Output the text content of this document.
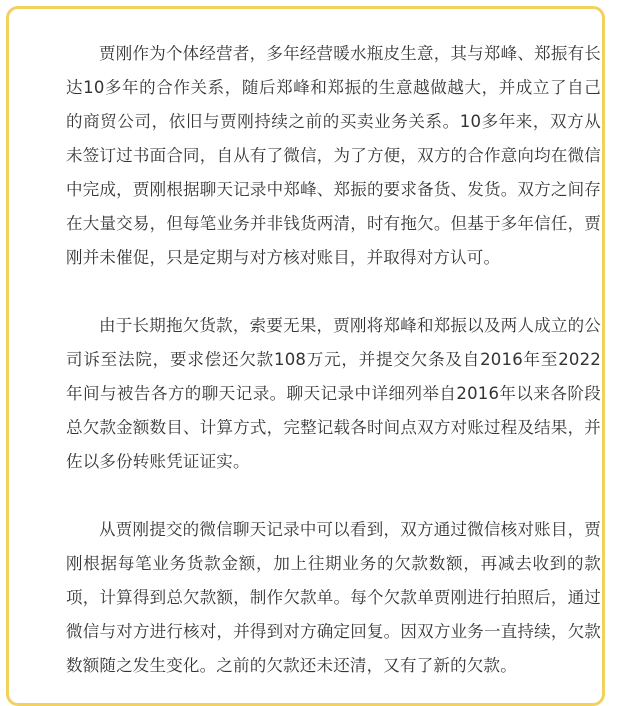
贾刚作为个体经营者，多年经营暖水瓶皮生意，其与郑峰、郑振有长达10多年的合作关系，随后郑峰和郑振的生意越做越大，并成立了自己的商贸公司，依旧与贾刚持续之前的买卖业务关系。10多年来，双方从未签订过书面合同，自从有了微信，为了方便，双方的合作意向均在微信中完成，贾刚根据聊天记录中郑峰、郑振的要求备货、发货。双方之间存在大量交易，但每笔业务并非钱货两清，时有拖欠。但基于多年信任，贾刚并未催促，只是定期与对方核对账目，并取得对方认可。

由于长期拖欠货款，索要无果，贾刚将郑峰和郑振以及两人成立的公司诉至法院，要求偿还欠款108万元，并提交欠条及自2016年至2022年间与被告各方的聊天记录。聊天记录中详细列举自2016年以来各阶段总欠款金额数目、计算方式，完整记载各时间点双方对账过程及结果，并佐以多份转账凭证证实。

从贾刚提交的微信聊天记录中可以看到，双方通过微信核对账目，贾刚根据每笔业务货款金额，加上往期业务的欠款数额，再减去收到的款项，计算得到总欠款额，制作欠款单。每个欠款单贾刚进行拍照后，通过微信与对方进行核对，并得到对方确定回复。因双方业务一直持续，欠款数额随之发生变化。之前的欠款还未还清，又有了新的欠款。
